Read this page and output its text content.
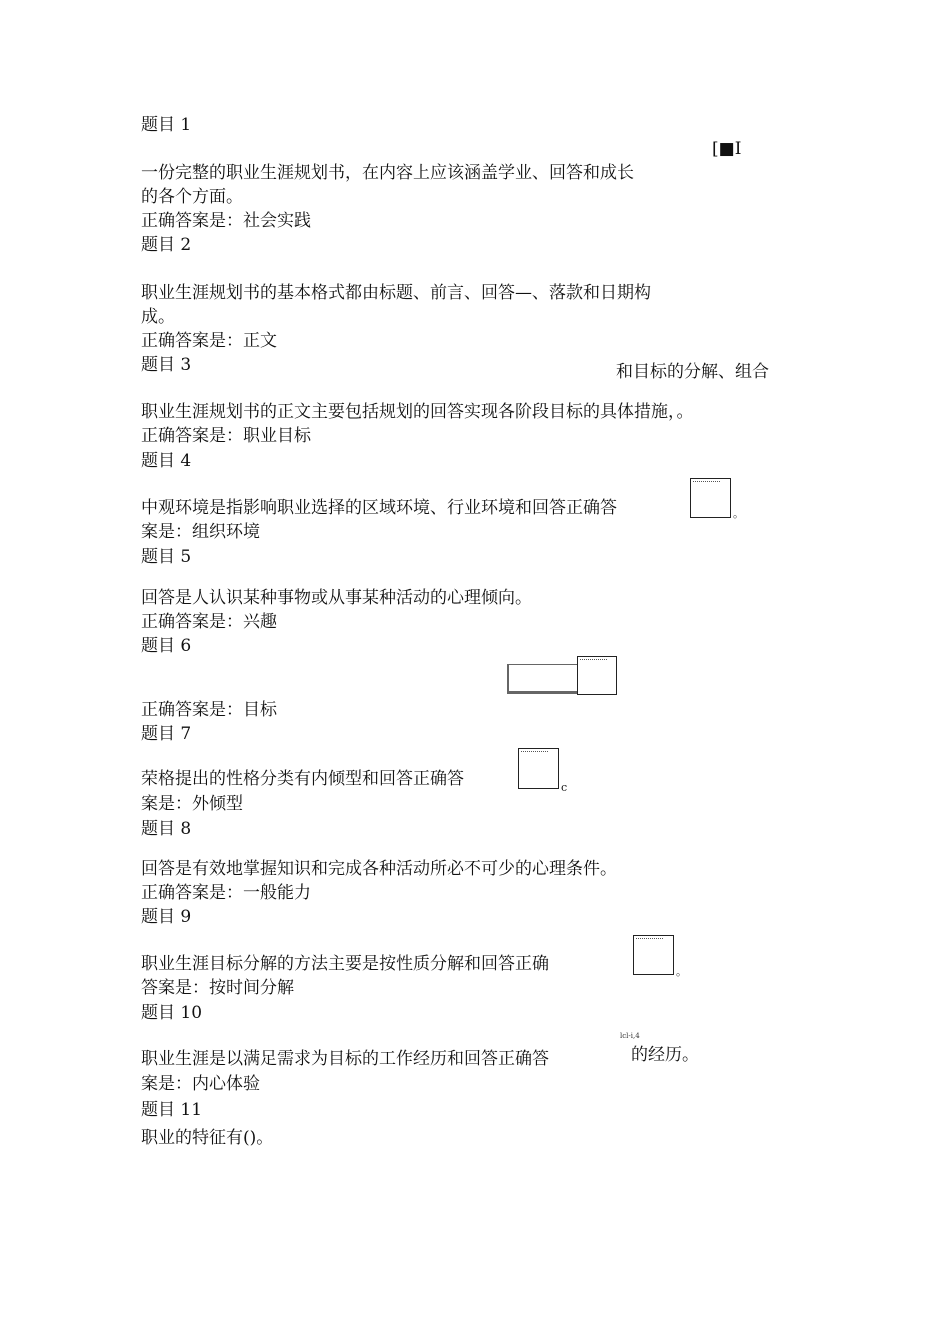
题目 1
[■I
一份完整的职业生涯规划书，在内容上应该涵盖学业、回答和成长
的各个方面。
正确答案是：社会实践
题目 2
职业生涯规划书的基本格式都由标题、前言、回答—、落款和日期构
成。
正确答案是：正文
题目 3	和目标的分解、组合
职业生涯规划书的正文主要包括规划的回答实现各阶段目标的具体措施，。
正确答案是：职业目标
题目 4
中观环境是指影响职业选择的区域环境、行业环境和回答正确答	。
案是：组织环境
题目 5
回答是人认识某种事物或从事某种活动的心理倾向。
正确答案是：兴趣
题目 6
正确答案是：目标
题目 7
荣格提出的性格分类有内倾型和回答正确答	c
案是：外倾型
题目 8
回答是有效地掌握知识和完成各种活动所必不可少的心理条件。
正确答案是：一般能力
题目 9
职业生涯目标分解的方法主要是按性质分解和回答正确	。
答案是：按时间分解
题目 10
lcl-i,4
的经历。
职业生涯是以满足需求为目标的工作经历和回答正确答
案是：内心体验
题目 11
职业的特征有()。
